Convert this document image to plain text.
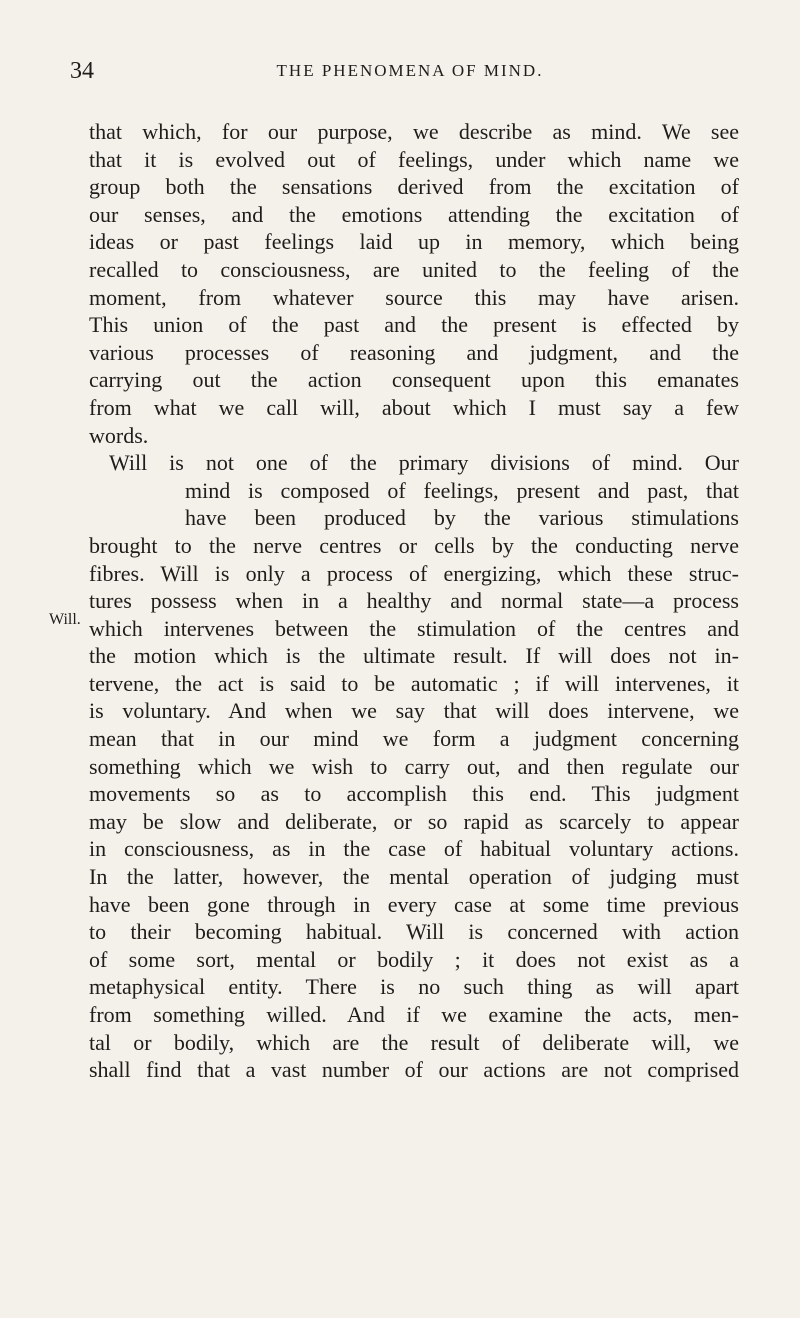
34	THE PHENOMENA OF MIND.
Will.
that which, for our purpose, we describe as mind. We see
that it is evolved out of feelings, under which name we
group both the sensations derived from the excitation of
our senses, and the emotions attending the excitation of
ideas or past feelings laid up in memory, which being
recalled to consciousness, are united to the feeling of the
moment, from whatever source this may have arisen.
This union of the past and the present is effected by
various processes of reasoning and judgment, and the
carrying out the action consequent upon this emanates
from what we call will, about which I must say a few
words.
Will is not one of the primary divisions of mind. Our
mind is composed of feelings, present and past, that
have been produced by the various stimulations
brought to the nerve centres or cells by the conducting nerve
fibres. Will is only a process of energizing, which these struc-
tures possess when in a healthy and normal state—a process
which intervenes between the stimulation of the centres and
the motion which is the ultimate result. If will does not in-
tervene, the act is said to be automatic ; if will intervenes, it
is voluntary. And when we say that will does intervene, we
mean that in our mind we form a judgment concerning
something which we wish to carry out, and then regulate our
movements so as to accomplish this end. This judgment
may be slow and deliberate, or so rapid as scarcely to appear
in consciousness, as in the case of habitual voluntary actions.
In the latter, however, the mental operation of judging must
have been gone through in every case at some time previous
to their becoming habitual. Will is concerned with action
of some sort, mental or bodily ; it does not exist as a
metaphysical entity. There is no such thing as will apart
from something willed. And if we examine the acts, men-
tal or bodily, which are the result of deliberate will, we
shall find that a vast number of our actions are not comprised
